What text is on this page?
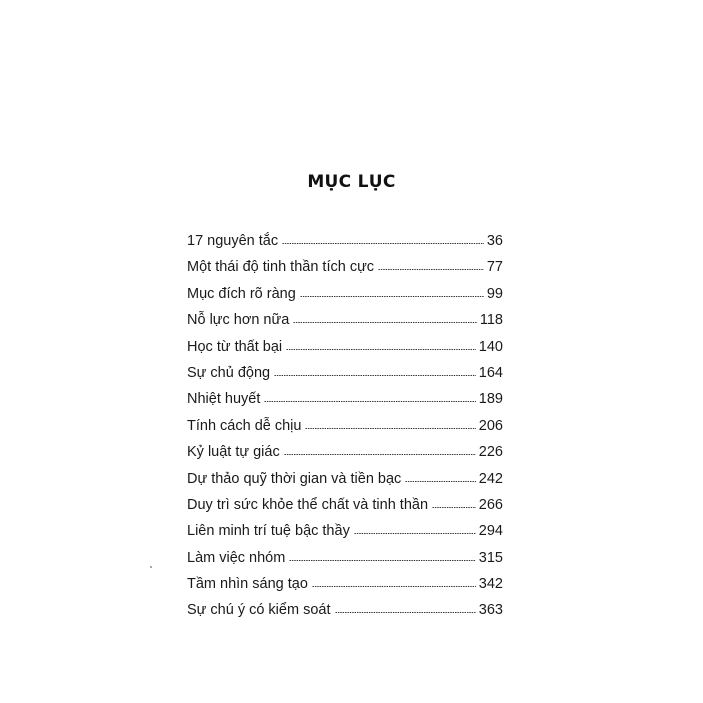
MỤC LỤC
17 nguyên tắc	36
Một thái độ tinh thần tích cực	77
Mục đích rõ ràng	99
Nỗ lực hơn nữa	118
Học từ thất bại	140
Sự chủ động	164
Nhiệt huyết	189
Tính cách dễ chịu	206
Kỷ luật tự giác	226
Dự thảo quỹ thời gian và tiền bạc	242
Duy trì sức khỏe thể chất và tinh thần	266
Liên minh trí tuệ bậc thầy	294
Làm việc nhóm	315
Tầm nhìn sáng tạo	342
Sự chú ý có kiểm soát	363
